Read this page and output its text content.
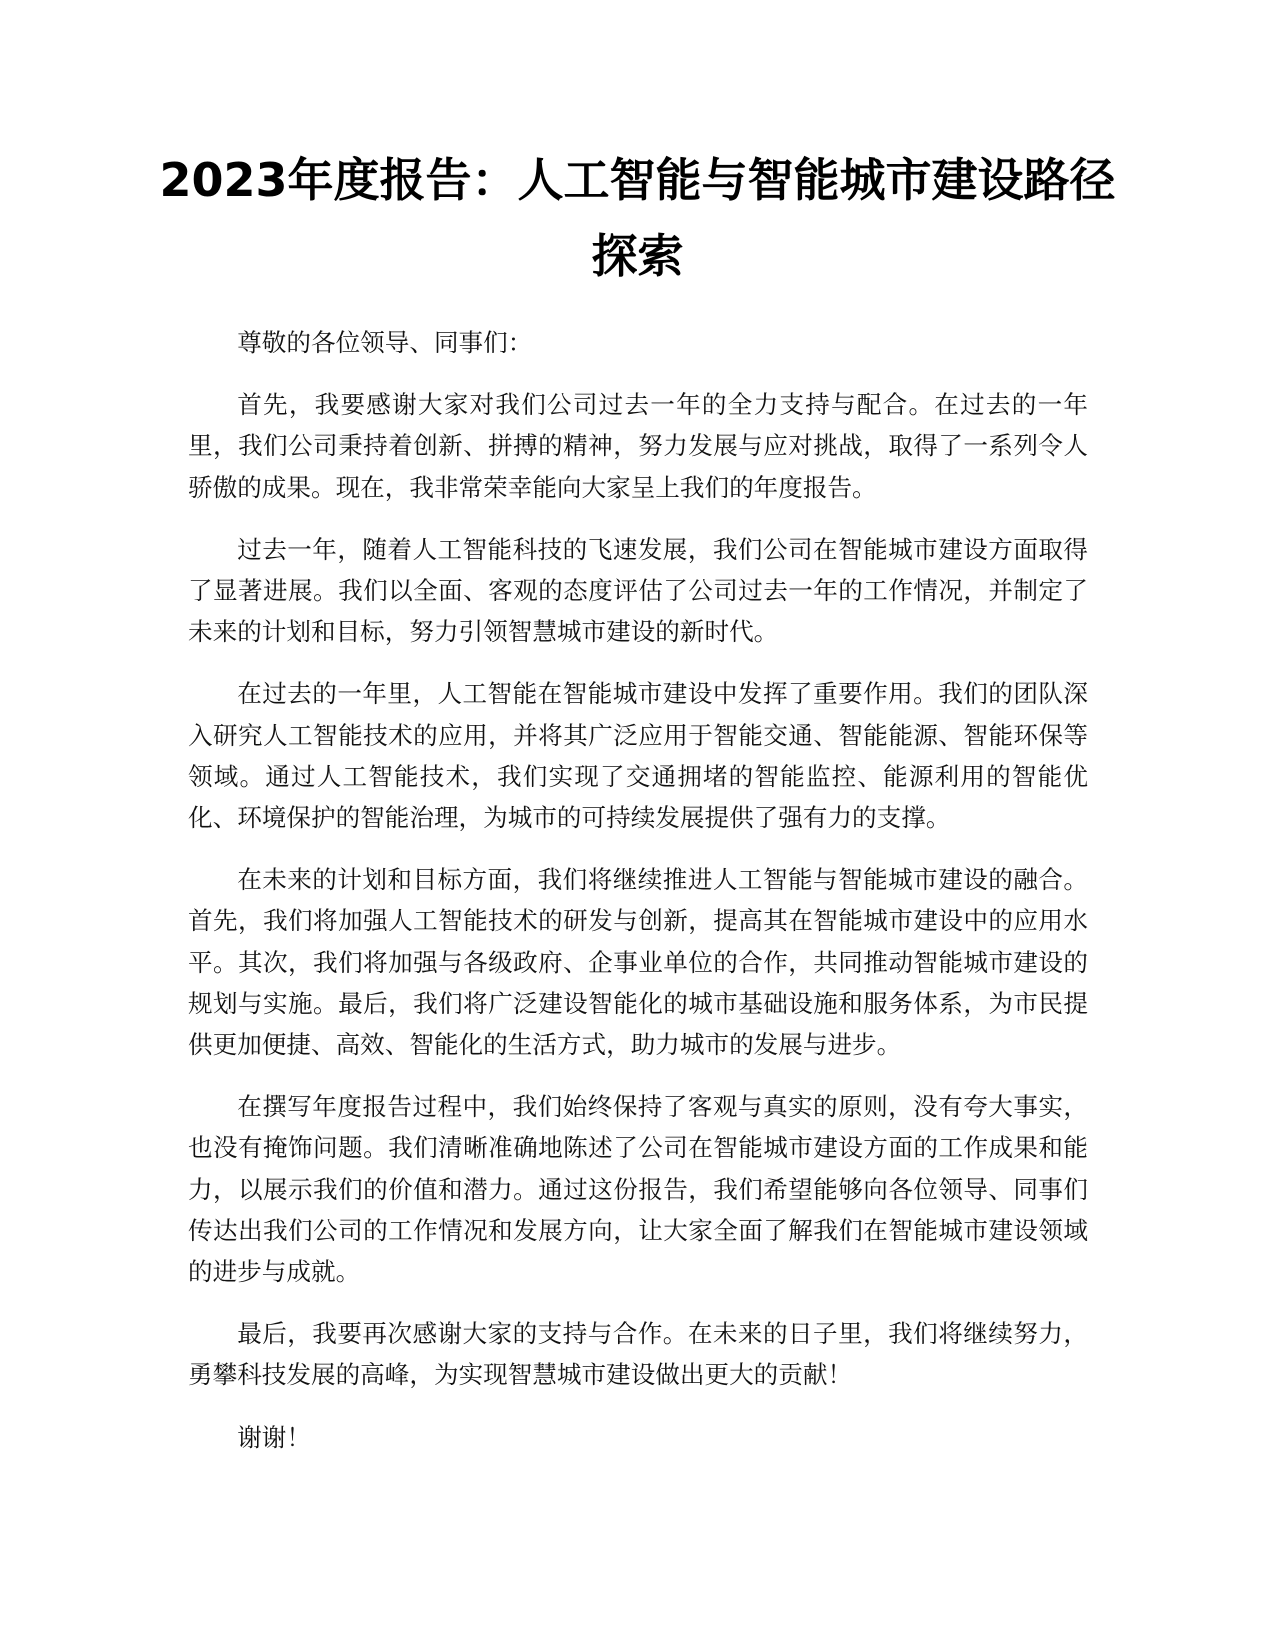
2023年度报告：人工智能与智能城市建设路径探索

尊敬的各位领导、同事们：

首先，我要感谢大家对我们公司过去一年的全力支持与配合。在过去的一年里，我们公司秉持着创新、拼搏的精神，努力发展与应对挑战，取得了一系列令人骄傲的成果。现在，我非常荣幸能向大家呈上我们的年度报告。

过去一年，随着人工智能科技的飞速发展，我们公司在智能城市建设方面取得了显著进展。我们以全面、客观的态度评估了公司过去一年的工作情况，并制定了未来的计划和目标，努力引领智慧城市建设的新时代。

在过去的一年里，人工智能在智能城市建设中发挥了重要作用。我们的团队深入研究人工智能技术的应用，并将其广泛应用于智能交通、智能能源、智能环保等领域。通过人工智能技术，我们实现了交通拥堵的智能监控、能源利用的智能优化、环境保护的智能治理，为城市的可持续发展提供了强有力的支撑。

在未来的计划和目标方面，我们将继续推进人工智能与智能城市建设的融合。首先，我们将加强人工智能技术的研发与创新，提高其在智能城市建设中的应用水平。其次，我们将加强与各级政府、企事业单位的合作，共同推动智能城市建设的规划与实施。最后，我们将广泛建设智能化的城市基础设施和服务体系，为市民提供更加便捷、高效、智能化的生活方式，助力城市的发展与进步。

在撰写年度报告过程中，我们始终保持了客观与真实的原则，没有夸大事实，也没有掩饰问题。我们清晰准确地陈述了公司在智能城市建设方面的工作成果和能力，以展示我们的价值和潜力。通过这份报告，我们希望能够向各位领导、同事们传达出我们公司的工作情况和发展方向，让大家全面了解我们在智能城市建设领域的进步与成就。

最后，我要再次感谢大家的支持与合作。在未来的日子里，我们将继续努力，勇攀科技发展的高峰，为实现智慧城市建设做出更大的贡献！

谢谢！
